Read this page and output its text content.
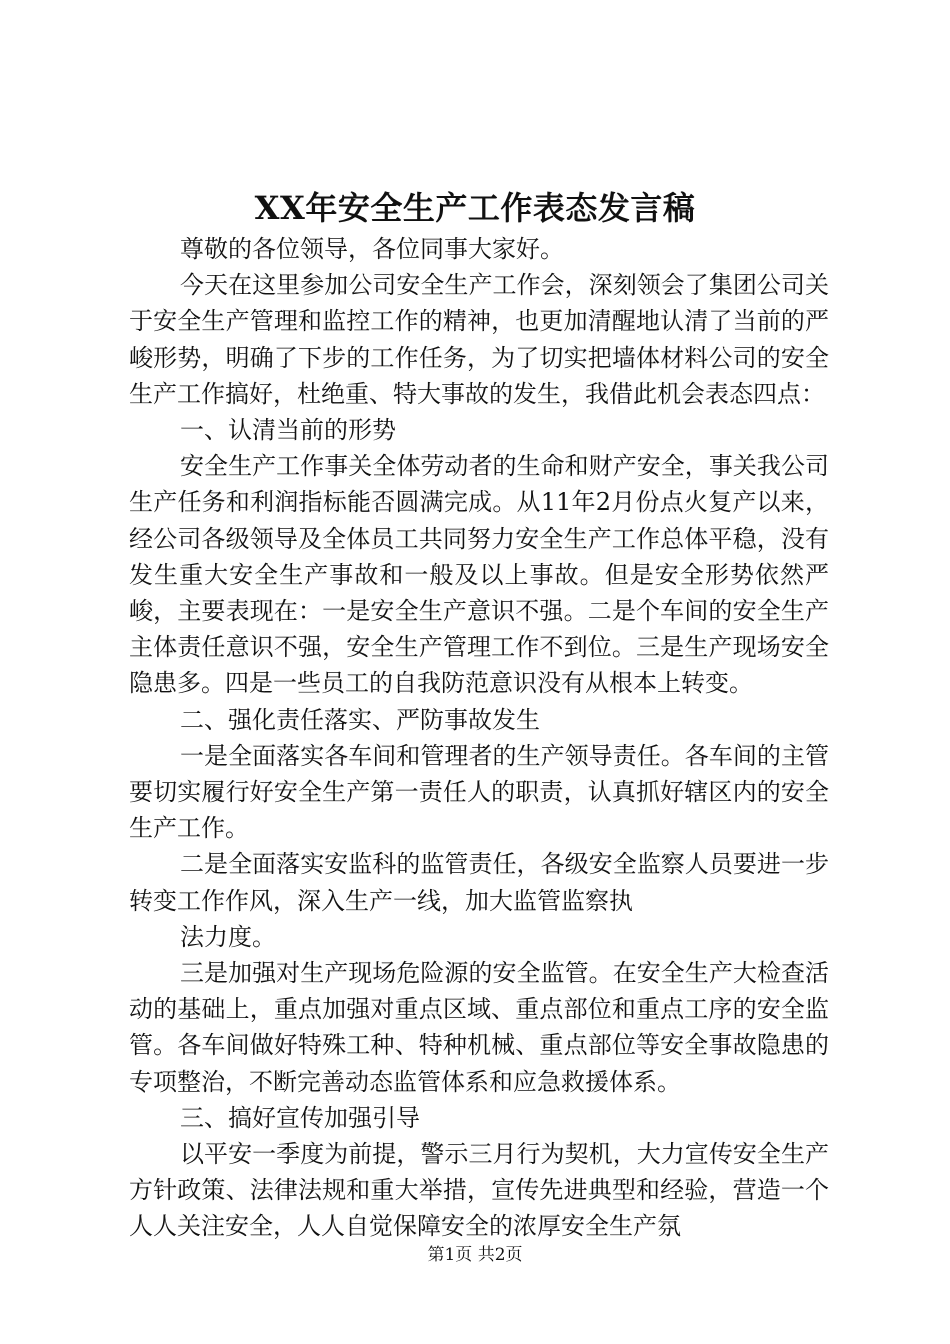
XX年安全生产工作表态发言稿

尊敬的各位领导，各位同事大家好。

今天在这里参加公司安全生产工作会，深刻领会了集团公司关于安全生产管理和监控工作的精神，也更加清醒地认清了当前的严峻形势，明确了下步的工作任务，为了切实把墙体材料公司的安全生产工作搞好，杜绝重、特大事故的发生，我借此机会表态四点：

一、认清当前的形势

安全生产工作事关全体劳动者的生命和财产安全，事关我公司生产任务和利润指标能否圆满完成。从11年2月份点火复产以来，经公司各级领导及全体员工共同努力安全生产工作总体平稳，没有发生重大安全生产事故和一般及以上事故。但是安全形势依然严峻，主要表现在：一是安全生产意识不强。二是个车间的安全生产主体责任意识不强，安全生产管理工作不到位。三是生产现场安全隐患多。四是一些员工的自我防范意识没有从根本上转变。

二、强化责任落实、严防事故发生

一是全面落实各车间和管理者的生产领导责任。各车间的主管要切实履行好安全生产第一责任人的职责，认真抓好辖区内的安全生产工作。

二是全面落实安监科的监管责任，各级安全监察人员要进一步转变工作作风，深入生产一线，加大监管监察执

法力度。

三是加强对生产现场危险源的安全监管。在安全生产大检查活动的基础上，重点加强对重点区域、重点部位和重点工序的安全监管。各车间做好特殊工种、特种机械、重点部位等安全事故隐患的专项整治，不断完善动态监管体系和应急救援体系。

三、搞好宣传加强引导

以平安一季度为前提，警示三月行为契机，大力宣传安全生产方针政策、法律法规和重大举措，宣传先进典型和经验，营造一个人人关注安全，人人自觉保障安全的浓厚安全生产氛

第1页 共2页
